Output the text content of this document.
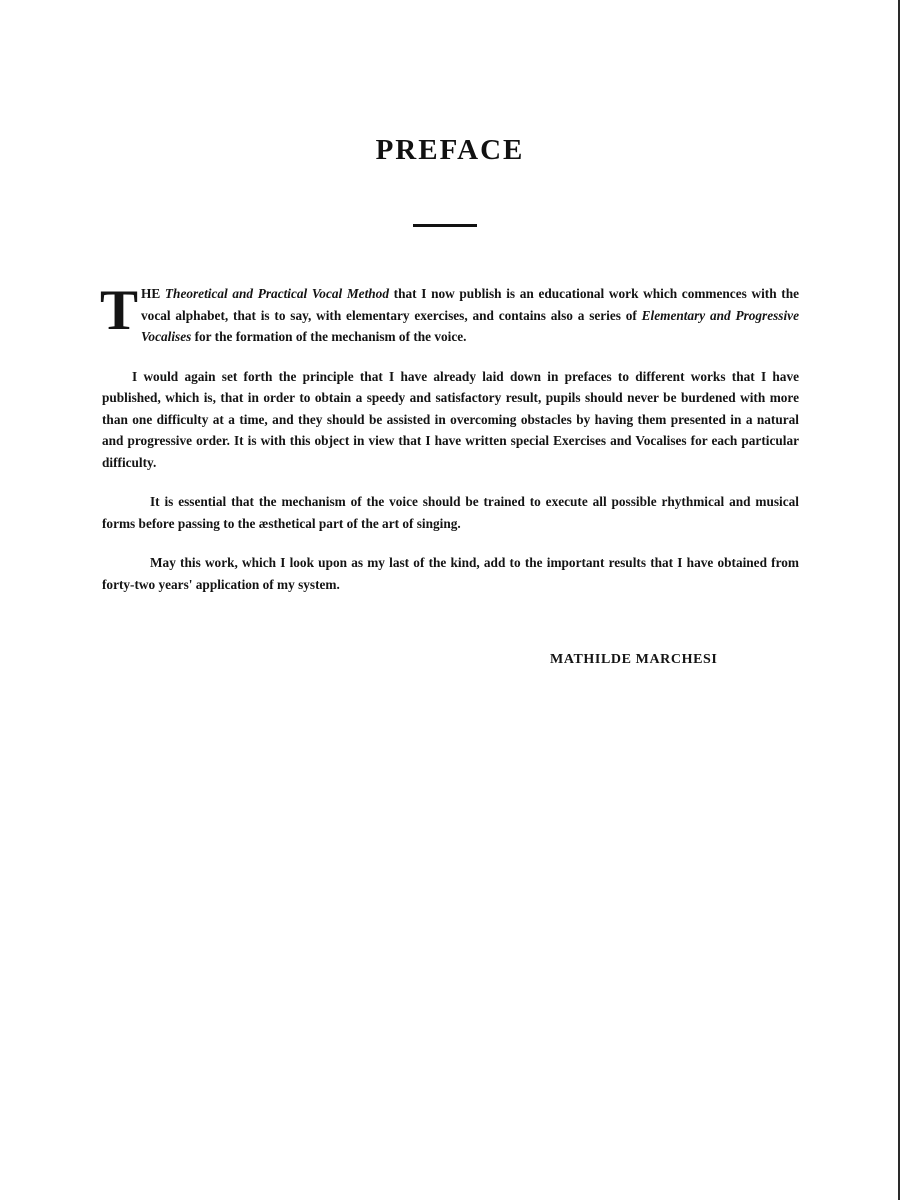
PREFACE

THE Theoretical and Practical Vocal Method that I now publish is an educational work which commences with the vocal alphabet, that is to say, with elementary exercises, and contains also a series of Elementary and Progressive Vocalises for the formation of the mechanism of the voice.

I would again set forth the principle that I have already laid down in prefaces to different works that I have published, which is, that in order to obtain a speedy and satisfactory result, pupils should never be burdened with more than one difficulty at a time, and they should be assisted in overcoming obstacles by having them presented in a natural and progressive order. It is with this object in view that I have written special Exercises and Vocalises for each particular difficulty.

It is essential that the mechanism of the voice should be trained to execute all possible rhythmical and musical forms before passing to the æsthetical part of the art of singing.

May this work, which I look upon as my last of the kind, add to the important results that I have obtained from forty-two years' application of my system.

MATHILDE MARCHESI
